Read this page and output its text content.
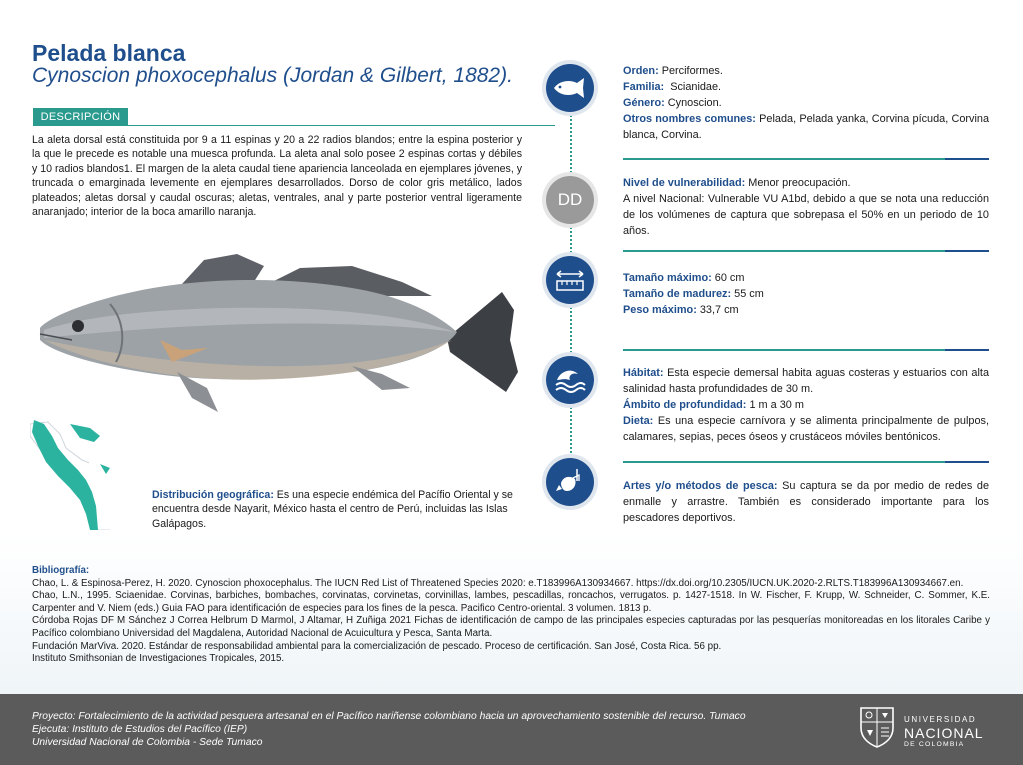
Pelada blanca
Cynoscion phoxocephalus (Jordan & Gilbert, 1882).
DESCRIPCIÓN
La aleta dorsal está constituida por 9 a 11 espinas y 20 a 22 radios blandos; entre la espina posterior y la que le precede es notable una muesca profunda. La aleta anal solo posee 2 espinas cortas y débiles y 10 radios blandos1. El margen de la aleta caudal tiene apariencia lanceolada en ejemplares jóvenes, y truncada o emarginada levemente en ejemplares desarrollados. Dorso de color gris metálico, lados plateados; aletas dorsal y caudal oscuras; aletas, ventrales, anal y parte posterior ventral ligeramente anaranjado; interior de la boca amarillo naranja.
Distribución geográfica: Es una especie endémica del Pacífio Oriental y se encuentra desde Nayarit, México hasta el centro de Perú, incluidas las Islas Galápagos.
DD
Orden: Perciformes.
Familia:  Scianidae.
Género: Cynoscion.
Otros nombres comunes: Pelada, Pelada yanka, Corvina pícuda, Corvina blanca, Corvina.
Nivel de vulnerabilidad: Menor preocupación.
A nivel Nacional: Vulnerable VU A1bd, debido a que se nota una reducción de los volúmenes de captura que sobrepasa el 50% en un periodo de 10 años.
Tamaño máximo: 60 cm
Tamaño de madurez: 55 cm
Peso máximo: 33,7 cm
Hábitat: Esta especie demersal habita aguas costeras y estuarios con alta salinidad hasta profundidades de 30 m.
Ámbito de profundidad: 1 m a 30 m
Dieta: Es una especie carnívora y se alimenta principalmente de pulpos, calamares, sepias, peces óseos y crustáceos móviles bentónicos.
Artes y/o métodos de pesca: Su captura se da por medio de redes de enmalle y arrastre. También es considerado importante para los pescadores deportivos.
Bibliografía:
Chao, L. & Espinosa-Perez, H. 2020. Cynoscion phoxocephalus. The IUCN Red List of Threatened Species 2020: e.T183996A130934667. https://dx.doi.org/10.2305/IUCN.UK.2020-2.RLTS.T183996A130934667.en.
Chao, L.N., 1995. Sciaenidae. Corvinas, barbiches, bombaches, corvinatas, corvinetas, corvinillas, lambes, pescadillas, roncachos, verrugatos. p. 1427-1518. In W. Fischer, F. Krupp, W. Schneider, C. Sommer, K.E. Carpenter and V. Niem (eds.) Guia FAO para identificación de especies para los fines de la pesca. Pacifico Centro-oriental. 3 volumen. 1813 p.
Córdoba Rojas DF M Sánchez J Correa Helbrum D Marmol, J Altamar, H Zuñiga 2021 Fichas de identificación de campo de las principales especies capturadas por las pesquerías monitoreadas en los litorales Caribe y Pacífico colombiano Universidad del Magdalena, Autoridad Nacional de Acuicultura y Pesca, Santa Marta.
Fundación MarViva. 2020. Estándar de responsabilidad ambiental para la comercialización de pescado. Proceso de certificación. San José, Costa Rica. 56 pp.
Instituto Smithsonian de Investigaciones Tropicales, 2015.
Proyecto: Fortalecimiento de la actividad pesquera artesanal en el Pacífico nariñense colombiano hacia un aprovechamiento sostenible del recurso. Tumaco
Ejecuta: Instituto de Estudios del Pacífico (IEP)
Universidad Nacional de Colombia - Sede Tumaco
UNIVERSIDAD
NACIONAL
DE COLOMBIA
